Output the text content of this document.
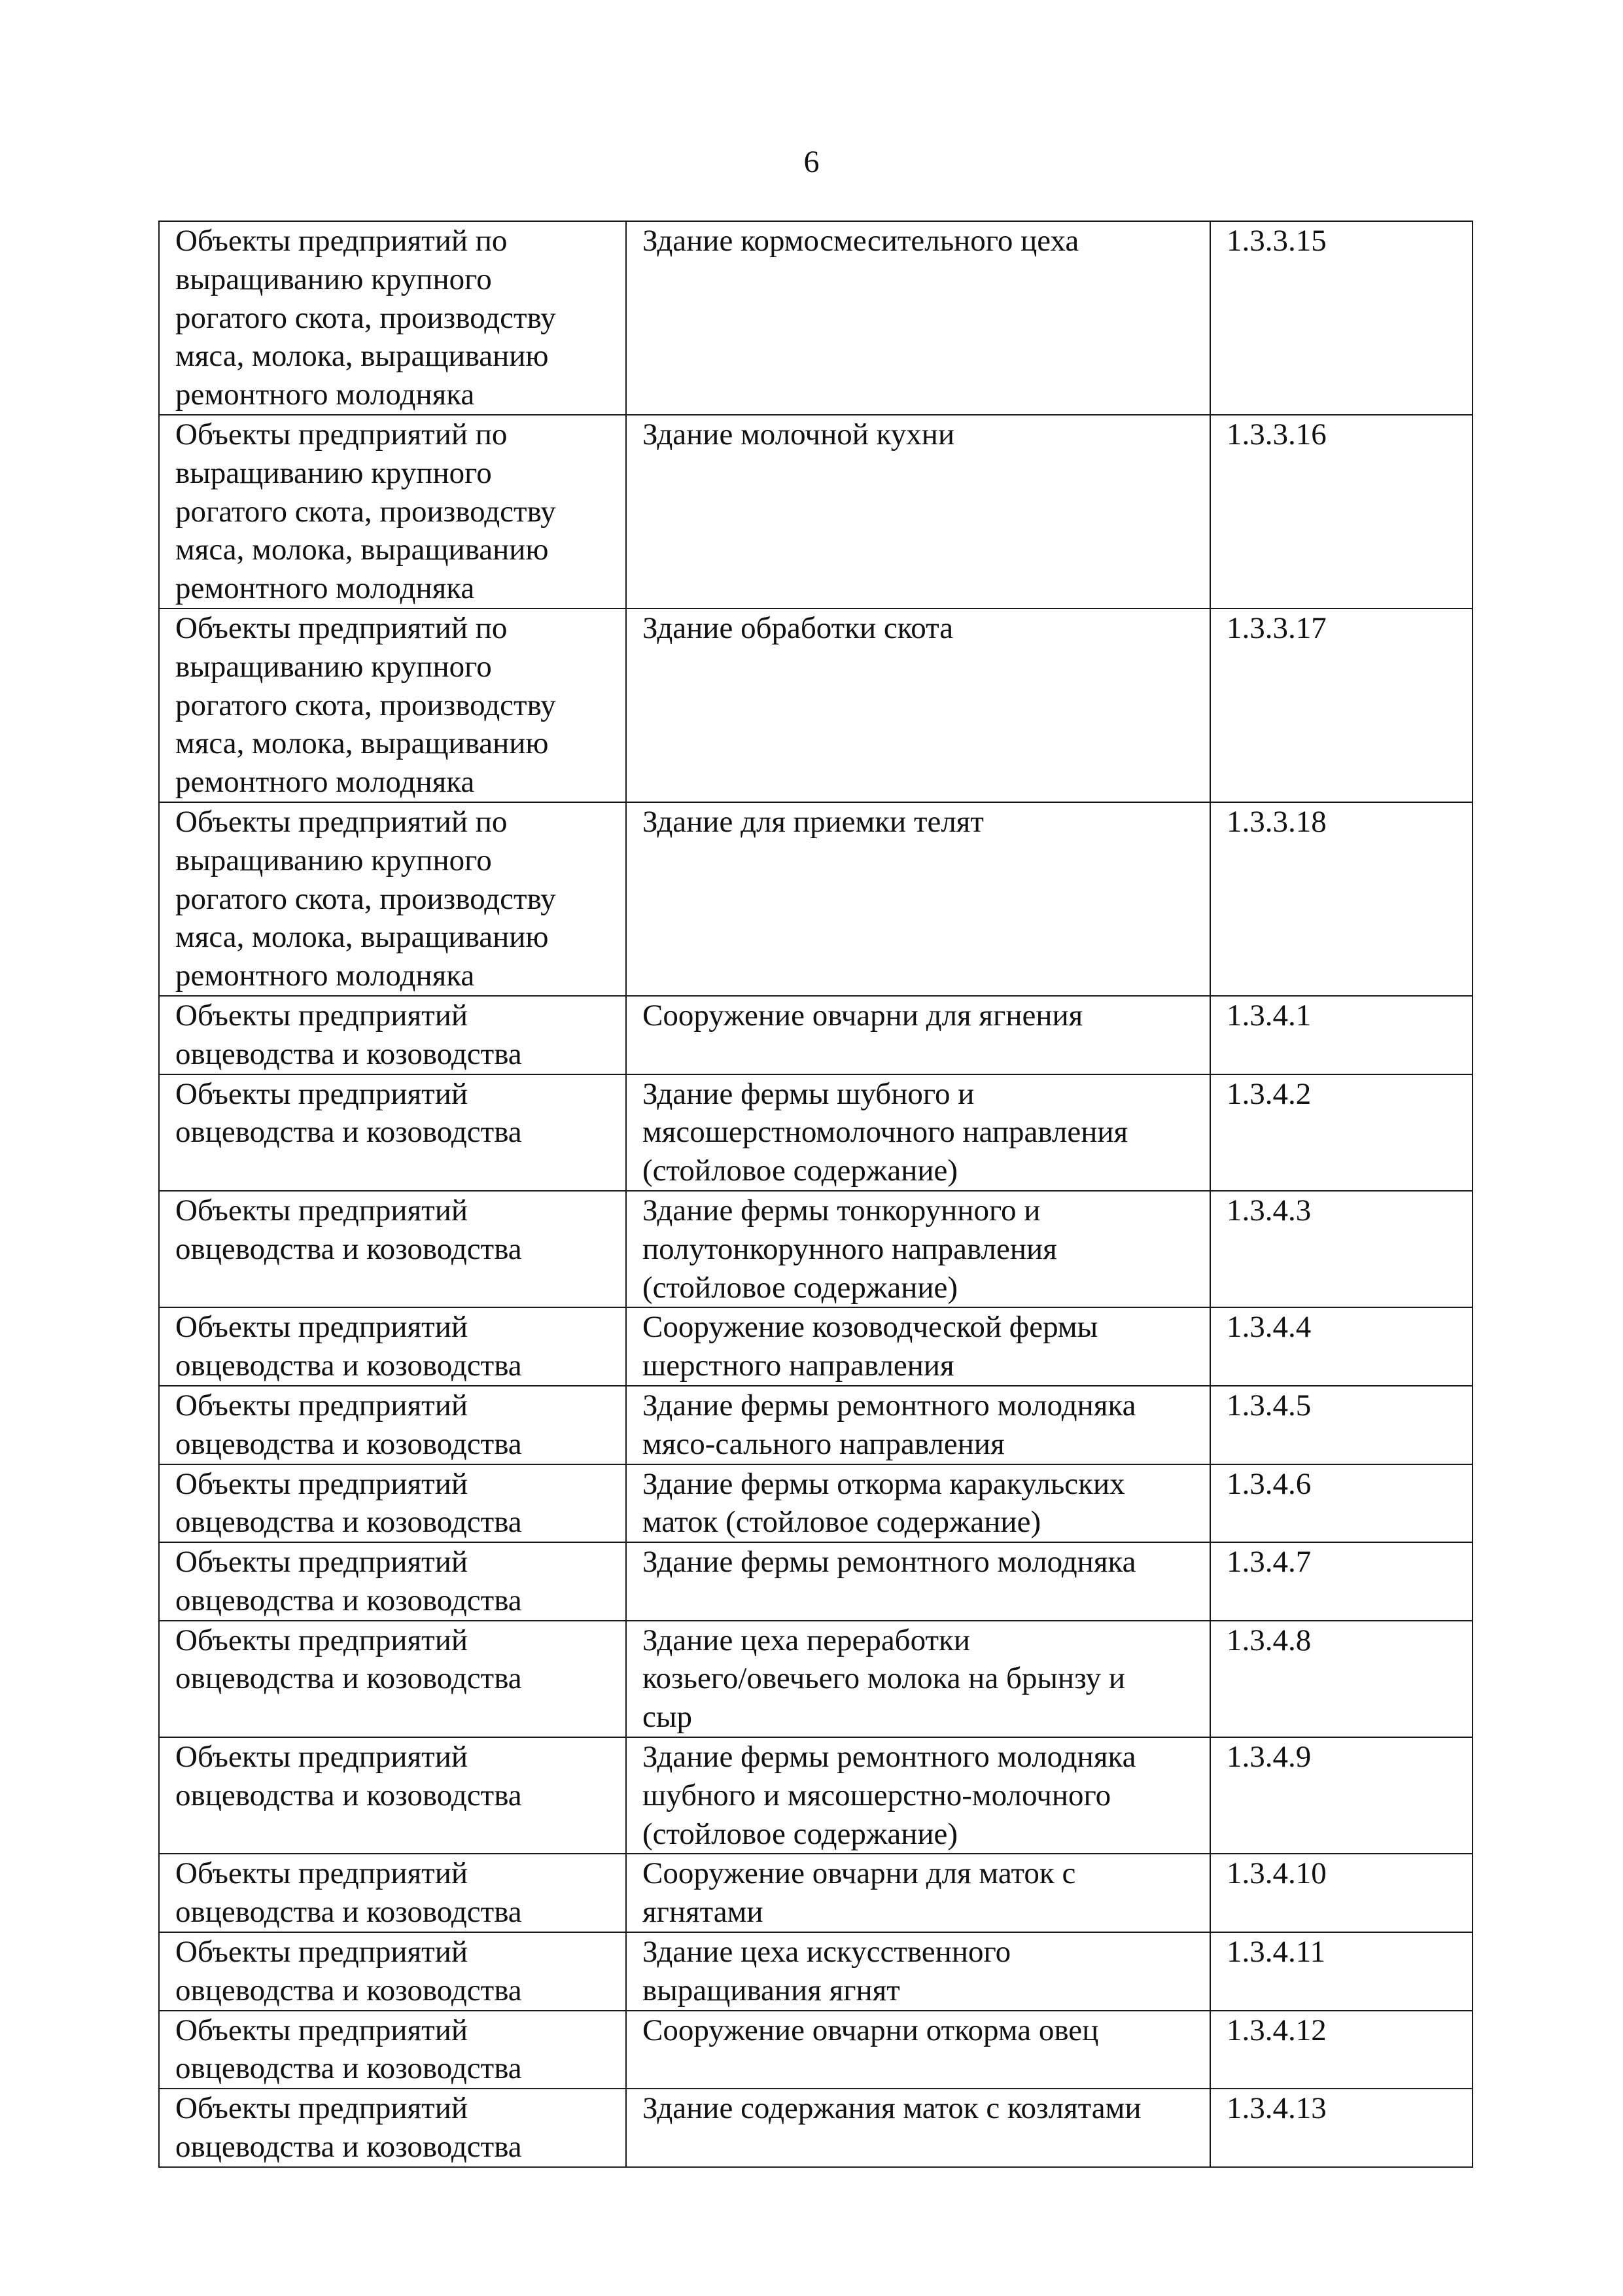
6
Объекты предприятий по
выращиванию крупного
рогатого скота, производству
мяса, молока, выращиванию
ремонтного молодняка	Здание кормосмесительного цеха	1.3.3.15

Объекты предприятий по
выращиванию крупного
рогатого скота, производству
мяса, молока, выращиванию
ремонтного молодняка	Здание молочной кухни	1.3.3.16

Объекты предприятий по
выращиванию крупного
рогатого скота, производству
мяса, молока, выращиванию
ремонтного молодняка	Здание обработки скота	1.3.3.17

Объекты предприятий по
выращиванию крупного
рогатого скота, производству
мяса, молока, выращиванию
ремонтного молодняка	Здание для приемки телят	1.3.3.18

Объекты предприятий
овцеводства и козоводства	Сооружение овчарни для ягнения	1.3.4.1

Объекты предприятий
овцеводства и козоводства	Здание фермы шубного и
мясошерстномолочного направления
(стойловое содержание)	1.3.4.2

Объекты предприятий
овцеводства и козоводства	Здание фермы тонкорунного и
полутонкорунного направления
(стойловое содержание)	1.3.4.3

Объекты предприятий
овцеводства и козоводства	Сооружение козоводческой фермы
шерстного направления	1.3.4.4

Объекты предприятий
овцеводства и козоводства	Здание фермы ремонтного молодняка
мясо-сального направления	1.3.4.5

Объекты предприятий
овцеводства и козоводства	Здание фермы откорма каракульских
маток (стойловое содержание)	1.3.4.6

Объекты предприятий
овцеводства и козоводства	Здание фермы ремонтного молодняка	1.3.4.7

Объекты предприятий
овцеводства и козоводства	Здание цеха переработки
козьего/овечьего молока на брынзу и
сыр	1.3.4.8

Объекты предприятий
овцеводства и козоводства	Здание фермы ремонтного молодняка
шубного и мясошерстно-молочного
(стойловое содержание)	1.3.4.9

Объекты предприятий
овцеводства и козоводства	Сооружение овчарни для маток с
ягнятами	1.3.4.10

Объекты предприятий
овцеводства и козоводства	Здание цеха искусственного
выращивания ягнят	1.3.4.11

Объекты предприятий
овцеводства и козоводства	Сооружение овчарни откорма овец	1.3.4.12

Объекты предприятий
овцеводства и козоводства	Здание содержания маток с козлятами	1.3.4.13
